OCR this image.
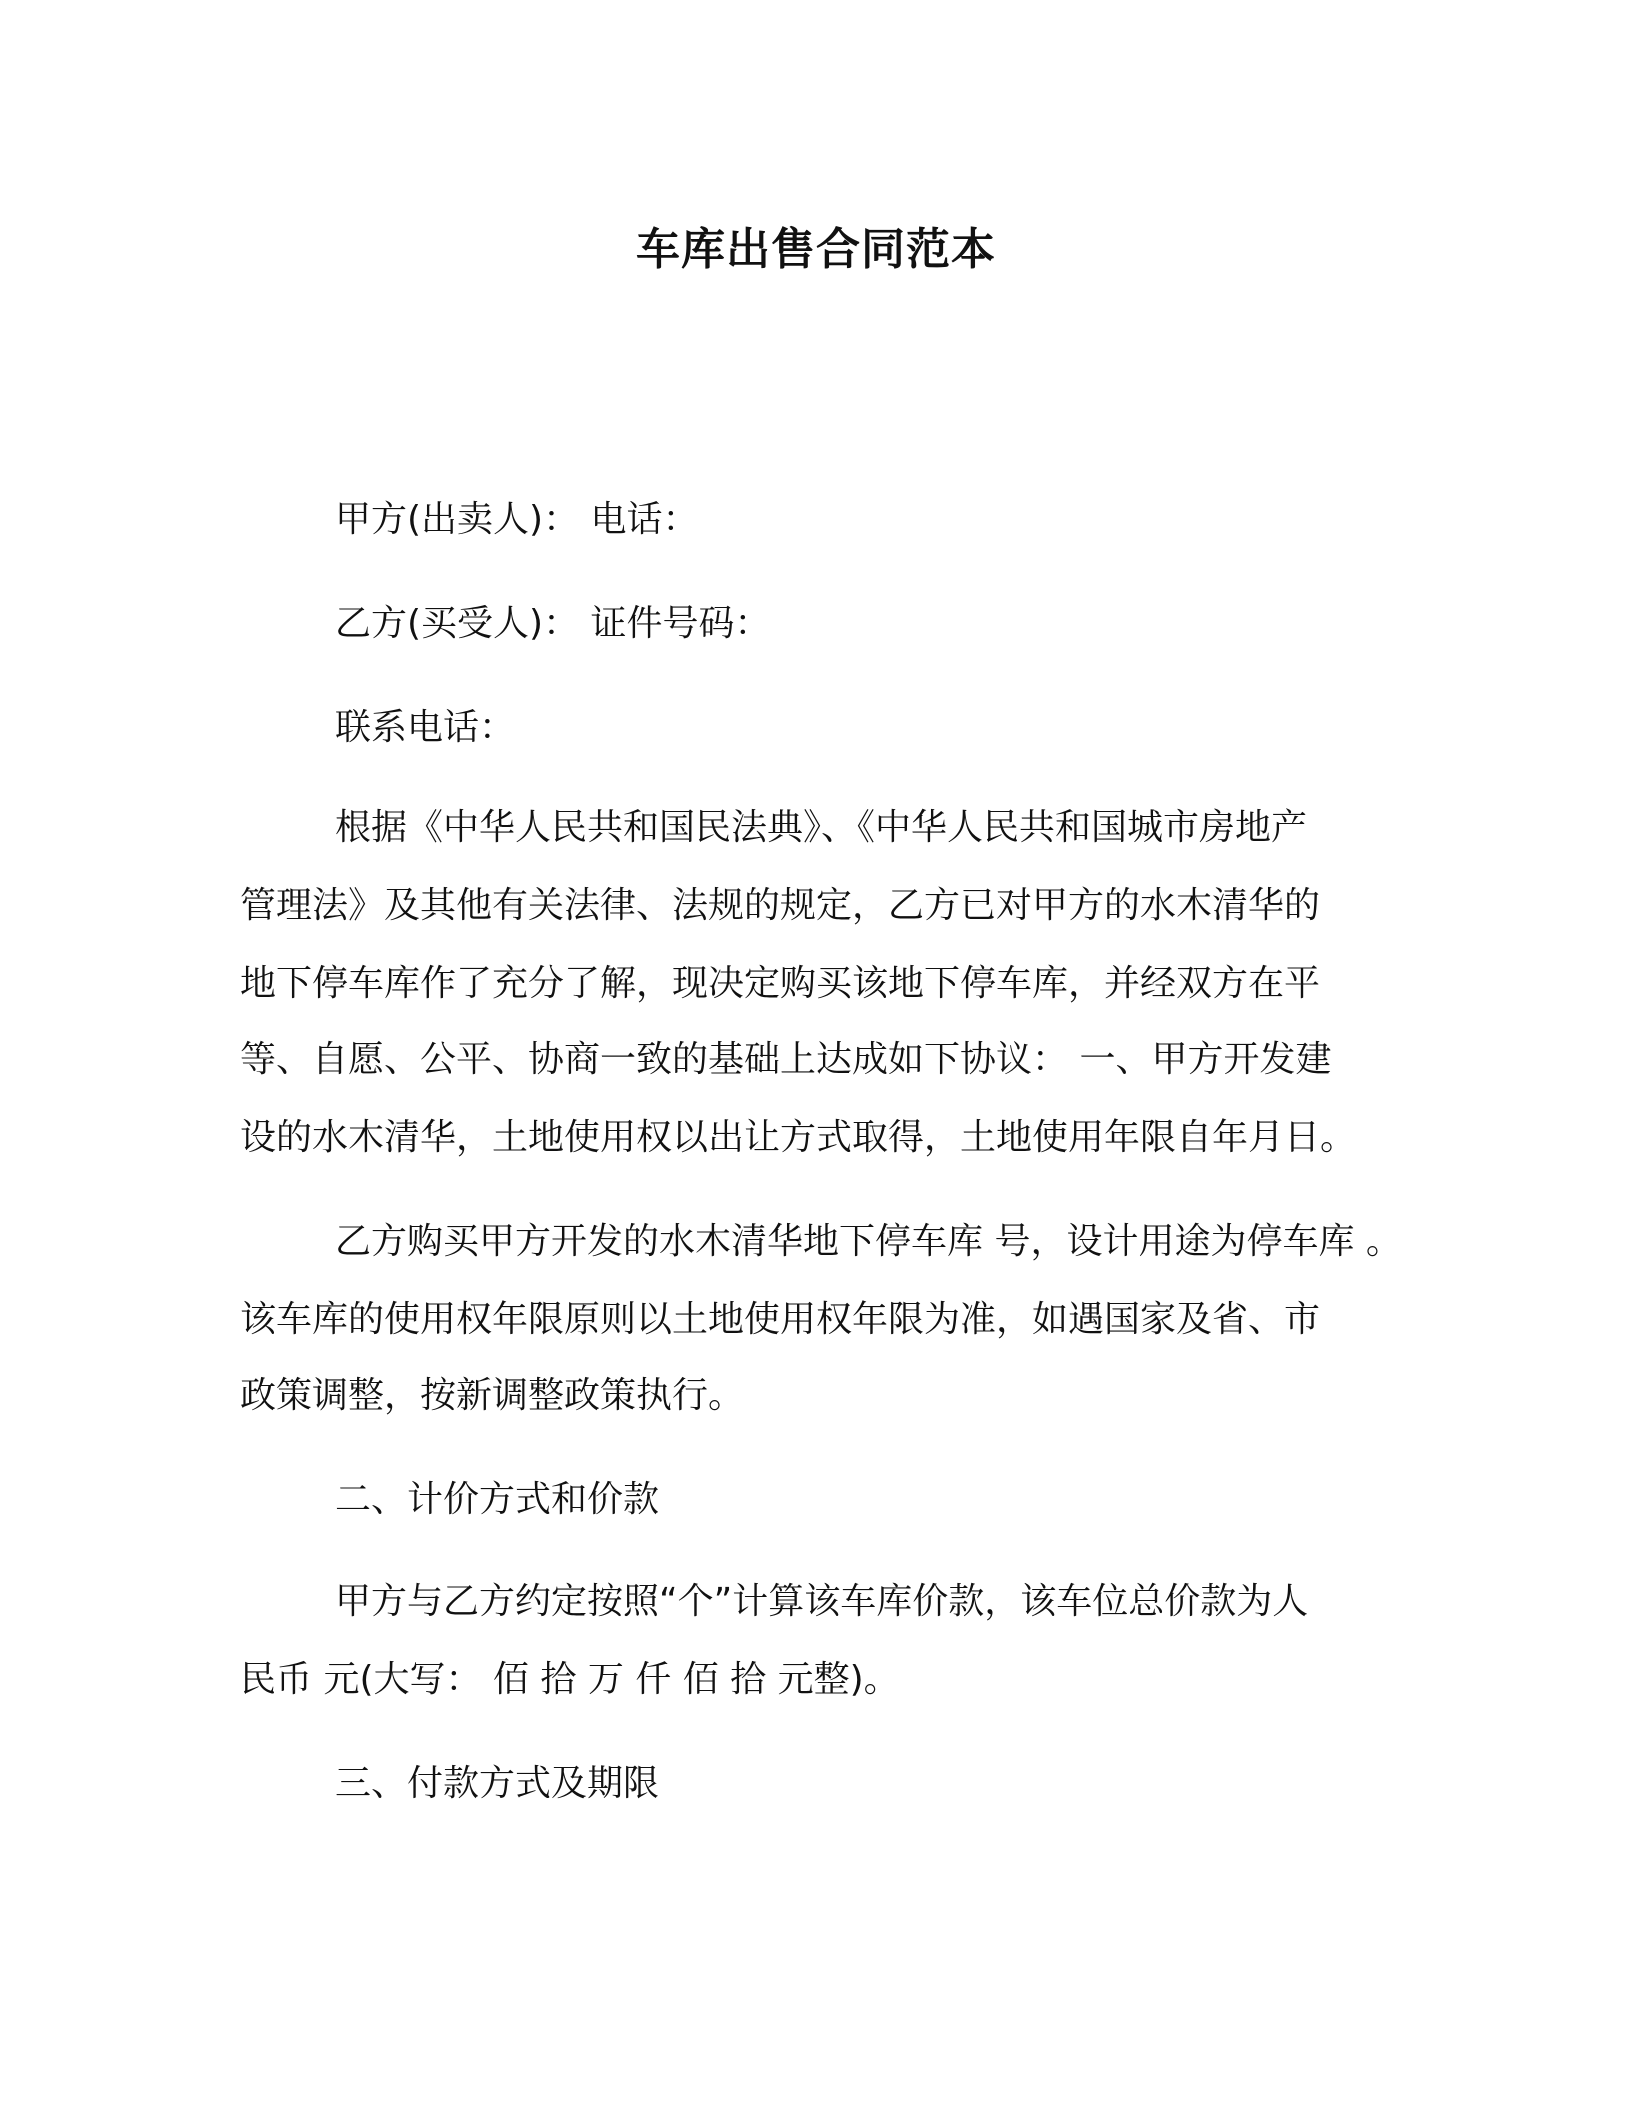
车库出售合同范本

甲方(出卖人)： 电话：

乙方(买受人)： 证件号码：

联系电话：

根据《中华人民共和国民法典》、《中华人民共和国城市房地产

管理法》及其他有关法律、法规的规定，乙方已对甲方的水木清华的

地下停车库作了充分了解，现决定购买该地下停车库，并经双方在平

等、自愿、公平、协商一致的基础上达成如下协议： 一、甲方开发建

设的水木清华，土地使用权以出让方式取得，土地使用年限自年月日。

乙方购买甲方开发的水木清华地下停车库 号，设计用途为停车库 。

该车库的使用权年限原则以土地使用权年限为准，如遇国家及省、市

政策调整，按新调整政策执行。

二、计价方式和价款

甲方与乙方约定按照“个”计算该车库价款，该车位总价款为人

民币 元(大写： 佰 拾 万 仟 佰 拾 元整)。

三、付款方式及期限
